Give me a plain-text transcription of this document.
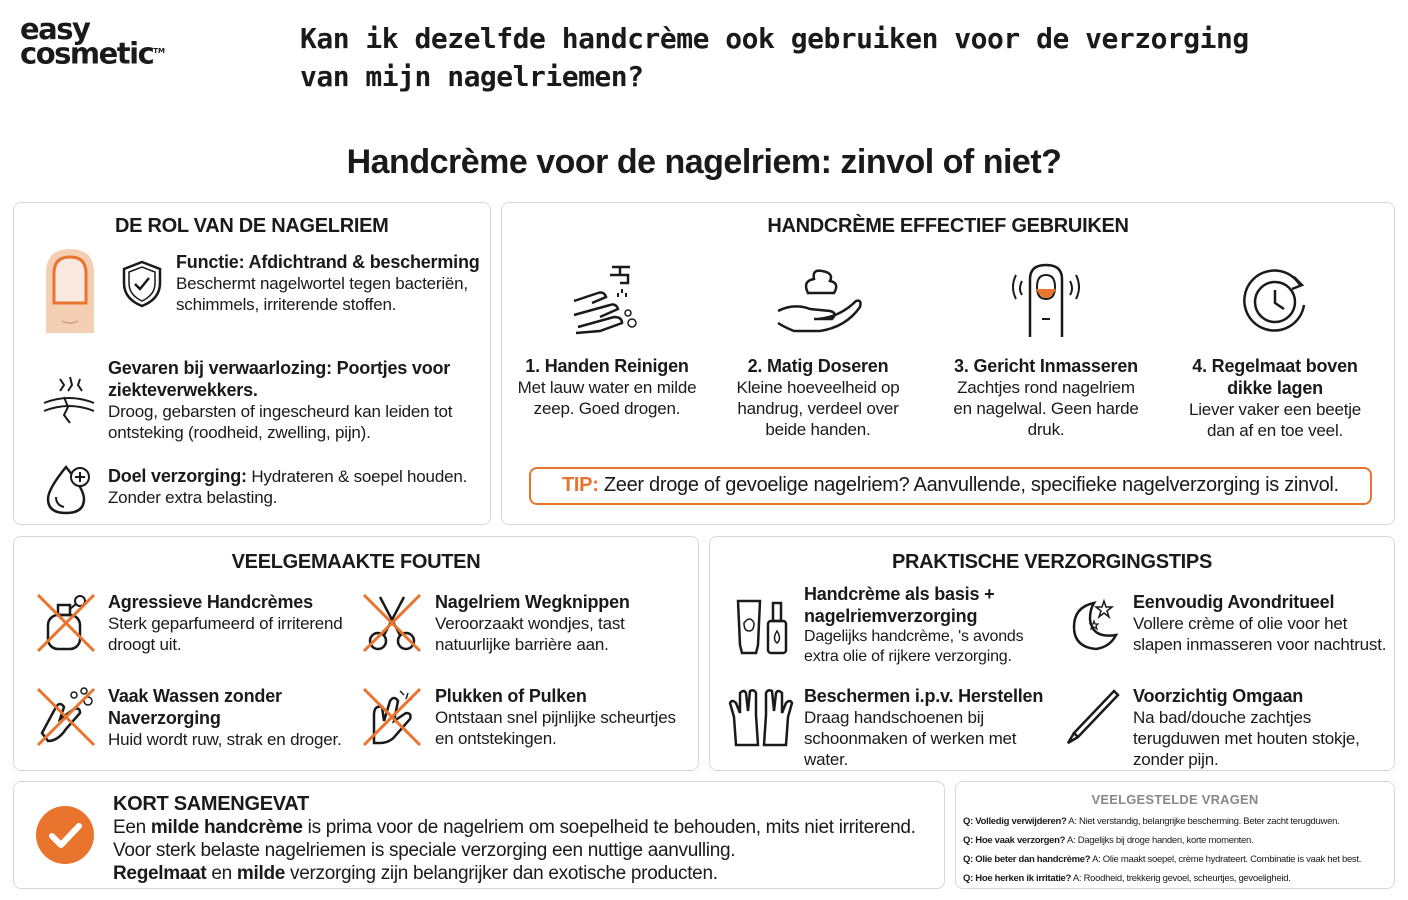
easy
cosmetic™	Kan ik dezelfde handcrème ook gebruiken voor de verzorging van mijn nagelriemen?
Handcrème voor de nagelriem: zinvol of niet?
DE ROL VAN DE NAGELRIEM
Functie: Afdichtrand & bescherming
Beschermt nagelwortel tegen bacteriën, schimmels, irriterende stoffen.
Gevaren bij verwaarlozing: Poortjes voor ziekteverwekkers.
Droog, gebarsten of ingescheurd kan leiden tot ontsteking (roodheid, zwelling, pijn).
Doel verzorging: Hydrateren & soepel houden. Zonder extra belasting.
HANDCRÈME EFFECTIEF GEBRUIKEN
1. Handen Reinigen
Met lauw water en milde zeep. Goed drogen.
2. Matig Doseren
Kleine hoeveelheid op handrug, verdeel over beide handen.
3. Gericht Inmasseren
Zachtjes rond nagelriem en nagelwal. Geen harde druk.
4. Regelmaat boven dikke lagen
Liever vaker een beetje dan af en toe veel.
TIP: Zeer droge of gevoelige nagelriem? Aanvullende, specifieke nagelverzorging is zinvol.
VEELGEMAAKTE FOUTEN
Agressieve Handcrèmes
Sterk geparfumeerd of irriterend droogt uit.
Nagelriem Wegknippen
Veroorzaakt wondjes, tast natuurlijke barrière aan.
Vaak Wassen zonder Naverzorging
Huid wordt ruw, strak en droger.
Plukken of Pulken
Ontstaan snel pijnlijke scheurtjes en ontstekingen.
PRAKTISCHE VERZORGINGSTIPS
Handcrème als basis + nagelriemverzorging
Dagelijks handcrème, 's avonds extra olie of rijkere verzorging.
Eenvoudig Avondritueel
Vollere crème of olie voor het slapen inmasseren voor nachtrust.
Beschermen i.p.v. Herstellen
Draag handschoenen bij schoonmaken of werken met water.
Voorzichtig Omgaan
Na bad/douche zachtjes terugduwen met houten stokje, zonder pijn.
KORT SAMENGEVAT
Een milde handcrème is prima voor de nagelriem om soepelheid te behouden, mits niet irriterend.
Voor sterk belaste nagelriemen is speciale verzorging een nuttige aanvulling.
Regelmaat en milde verzorging zijn belangrijker dan exotische producten.
VEELGESTELDE VRAGEN
Q: Volledig verwijderen? A: Niet verstandig, belangrijke bescherming. Beter zacht terugduwen.
Q: Hoe vaak verzorgen? A: Dagelijks bij droge handen, korte momenten.
Q: Olie beter dan handcrème? A: Olie maakt soepel, crème hydrateert. Combinatie is vaak het best.
Q: Hoe herken ik irritatie? A: Roodheid, trekkerig gevoel, scheurtjes, gevoeligheid.
